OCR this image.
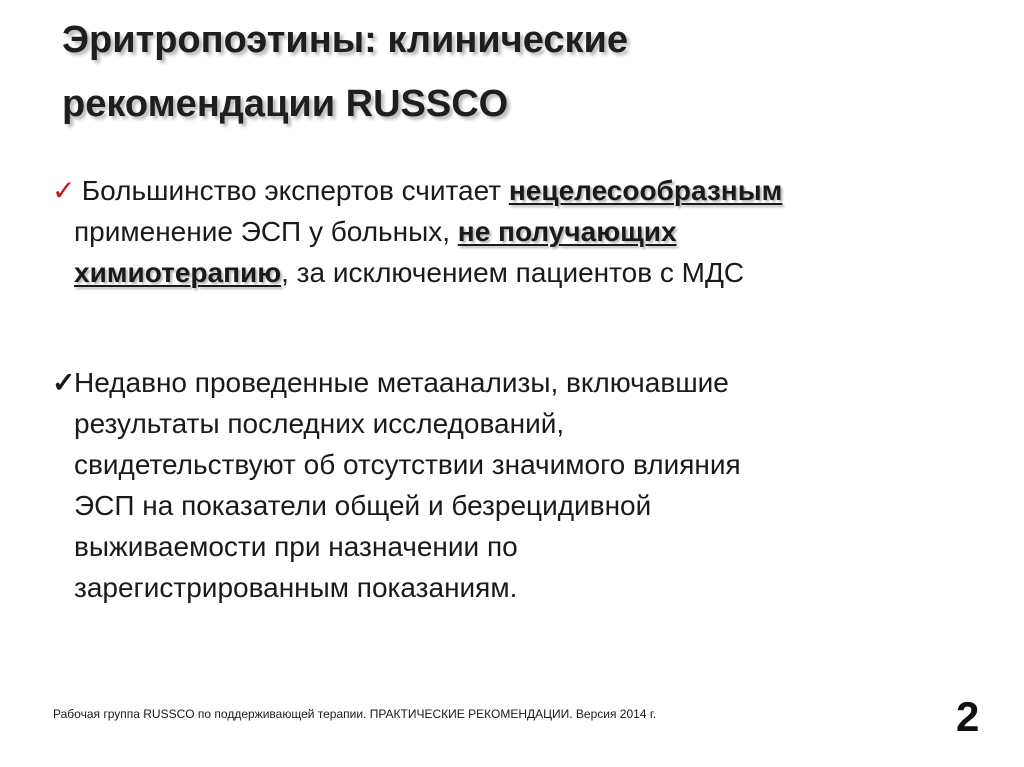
Эритропоэтины: клинические
рекомендации RUSSCO
✓ Большинство экспертов считает нецелесообразным
применение ЭСП у больных, не получающих
химиотерапию, за исключением пациентов с МДС
✓Недавно проведенные метаанализы, включавшие
результаты последних исследований,
свидетельствуют об отсутствии значимого влияния
ЭСП на показатели общей и безрецидивной
выживаемости при назначении по
зарегистрированным показаниям.
Рабочая группа RUSSCO по поддерживающей терапии. ПРАКТИЧЕСКИЕ РЕКОМЕНДАЦИИ. Версия 2014 г.	2
